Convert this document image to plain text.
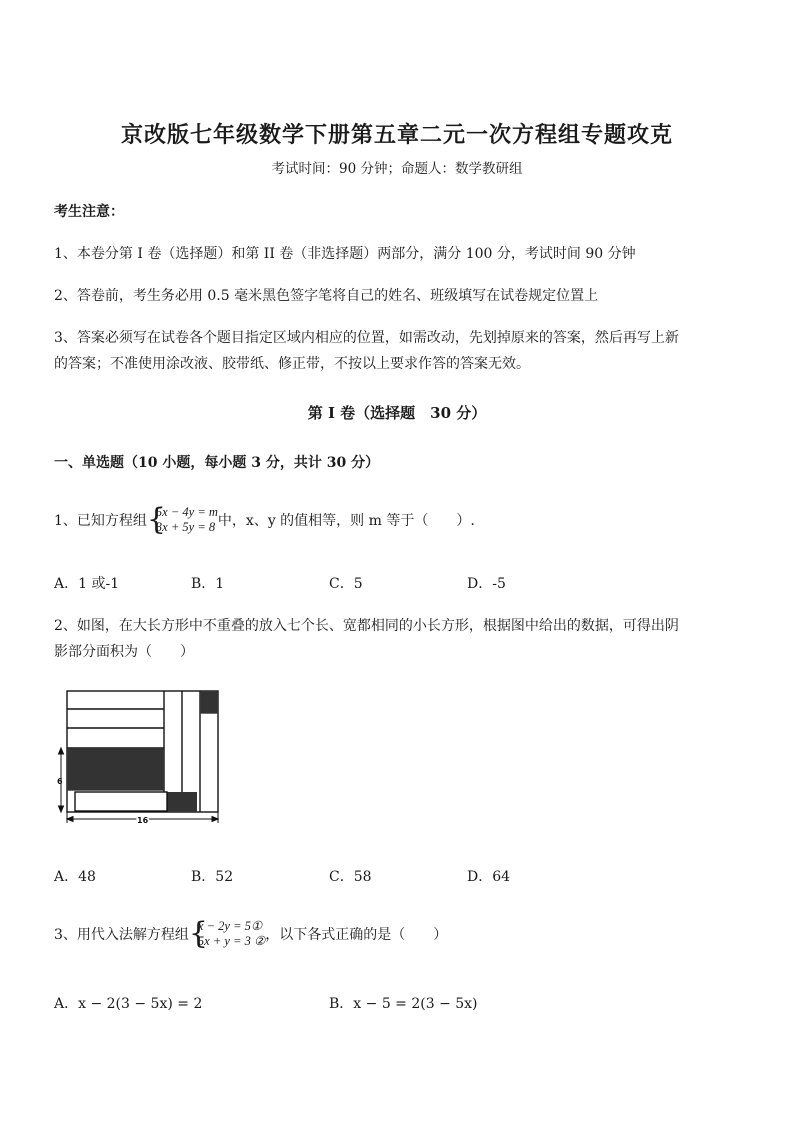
京改版七年级数学下册第五章二元一次方程组专题攻克
考试时间：90 分钟；命题人：数学教研组
考生注意：
1、本卷分第 I 卷（选择题）和第 II 卷（非选择题）两部分，满分 100 分，考试时间 90 分钟
2、答卷前，考生务必用 0.5 毫米黑色签字笔将自己的姓名、班级填写在试卷规定位置上
3、答案必须写在试卷各个题目指定区域内相应的位置，如需改动，先划掉原来的答案，然后再写上新
的答案；不准使用涂改液、胶带纸、修正带，不按以上要求作答的答案无效。
第 I 卷（选择题　30 分）
一、单选题（10 小题，每小题 3 分，共计 30 分）
1、已知方程组 {
5x − 4y = m
3x + 5y = 8 中，x、y 的值相等，则 m 等于（　　）.
A．1 或-1	B．1	C．5	D．-5
2、如图，在大长方形中不重叠的放入七个长、宽都相同的小长方形，根据图中给出的数据，可得出阴
影部分面积为（　　）
6
16
A．48	B．52	C．58	D．64
3、用代入法解方程组 {
x − 2y = 5①
5x + y = 3 ② ，以下各式正确的是（　　）
A．x − 2(3 − 5x) = 2	B．x − 5 = 2(3 − 5x)
